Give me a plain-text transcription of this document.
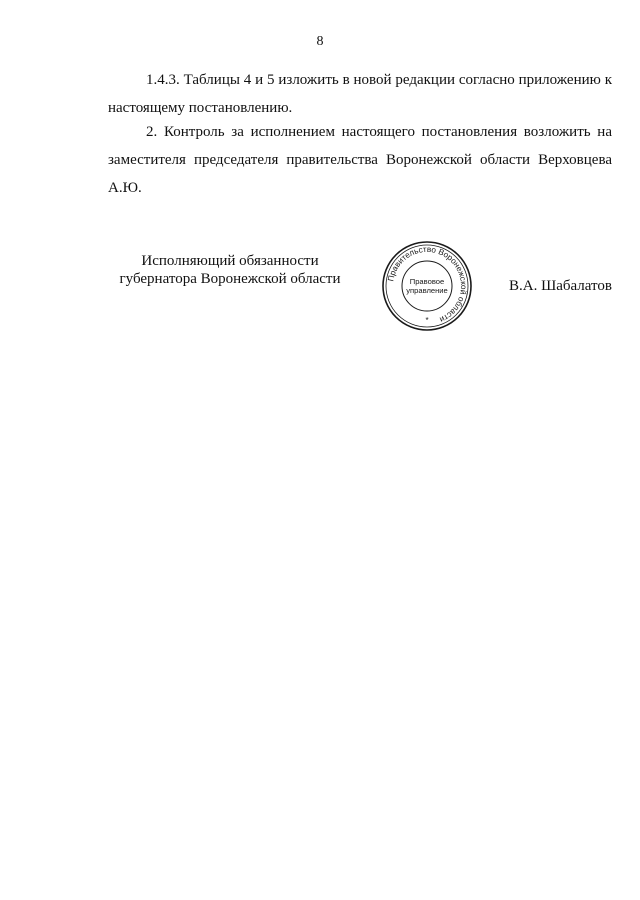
8
1.4.3. Таблицы 4 и 5 изложить в новой редакции согласно приложению к настоящему постановлению.
2. Контроль за исполнением настоящего постановления возложить на заместителя председателя правительства Воронежской области Верховцева А.Ю.
Исполняющий обязанности
губернатора Воронежской области	Правительство Воронежской области
Правовое
управление
*
В.А. Шабалатов
